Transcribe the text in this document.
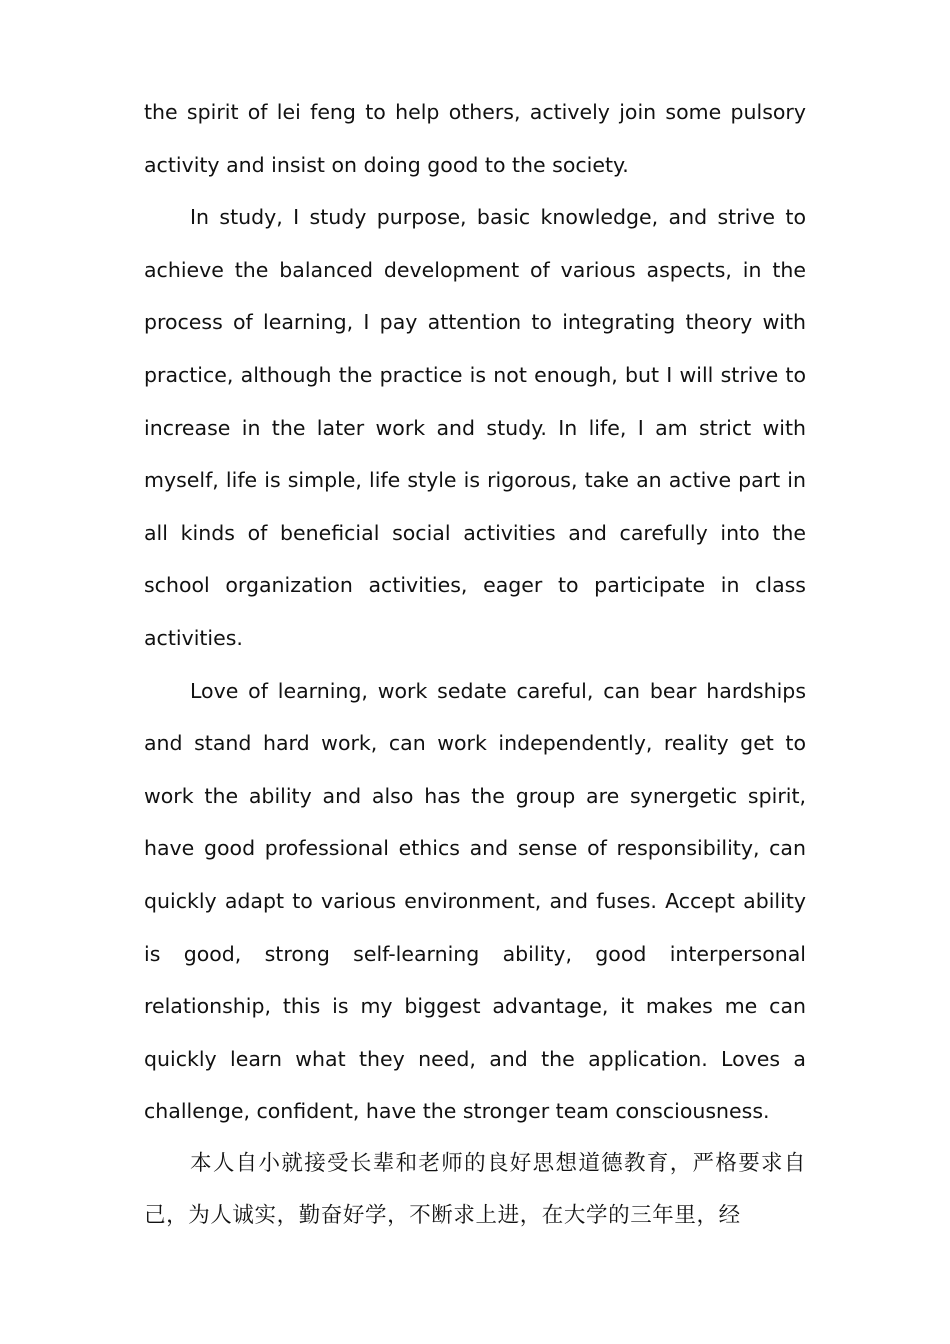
the spirit of lei feng to help others, actively join some pulsory activity and insist on doing good to the society.

In study, I study purpose, basic knowledge, and strive to achieve the balanced development of various aspects, in the process of learning, I pay attention to integrating theory with practice, although the practice is not enough, but I will strive to increase in the later work and study. In life, I am strict with myself, life is simple, life style is rigorous, take an active part in all kinds of beneficial social activities and carefully into the school organization activities, eager to participate in class activities.

Love of learning, work sedate careful, can bear hardships and stand hard work, can work independently, reality get to work the ability and also has the group are synergetic spirit, have good professional ethics and sense of responsibility, can quickly adapt to various environment, and fuses. Accept ability is good, strong self-learning ability, good interpersonal relationship, this is my biggest advantage, it makes me can quickly learn what they need, and the application. Loves a challenge, confident, have the stronger team consciousness.

本人自小就接受长辈和老师的良好思想道德教育，严格要求自己，为人诚实，勤奋好学，不断求上进，在大学的三年里，经
